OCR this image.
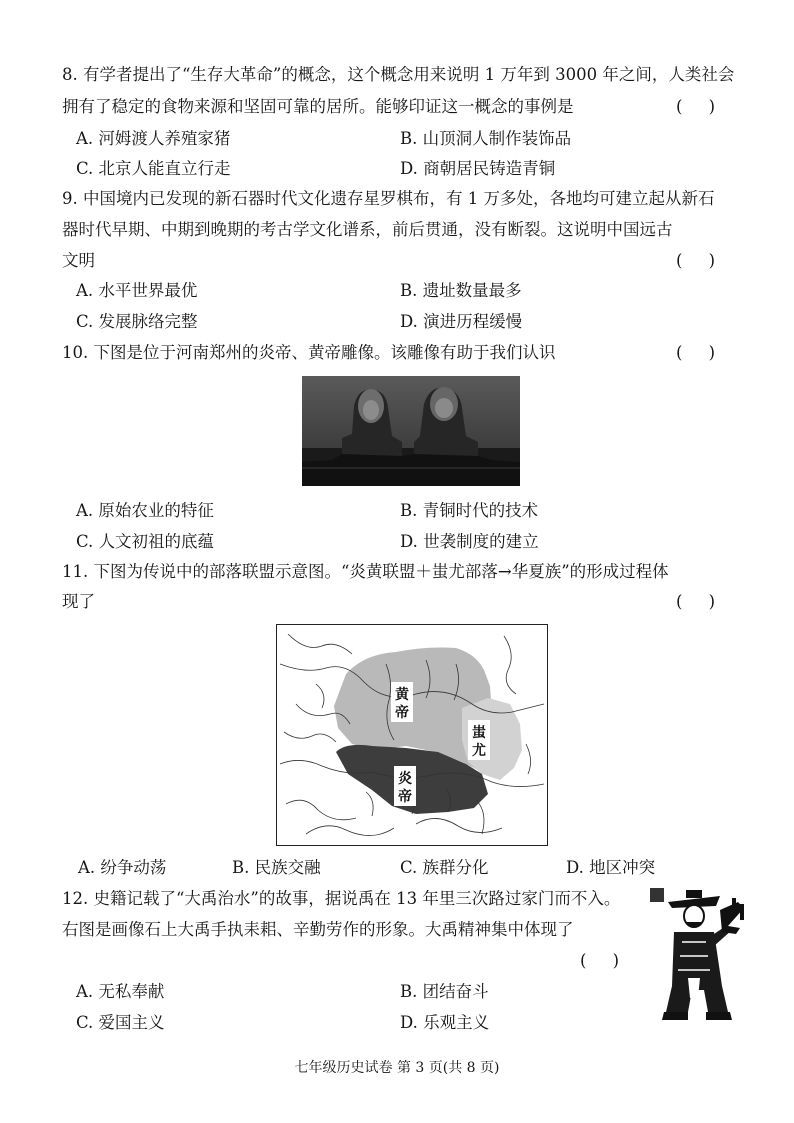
8. 有学者提出了“生存大革命”的概念，这个概念用来说明 1 万年到 3000 年之间，人类社会
拥有了稳定的食物来源和坚固可靠的居所。能够印证这一概念的事例是	(     )
A. 河姆渡人养殖家猪	B. 山顶洞人制作装饰品
C. 北京人能直立行走	D. 商朝居民铸造青铜
9. 中国境内已发现的新石器时代文化遗存星罗棋布，有 1 万多处，各地均可建立起从新石
器时代早期、中期到晚期的考古学文化谱系，前后贯通，没有断裂。这说明中国远古
文明	(     )
A. 水平世界最优	B. 遗址数量最多
C. 发展脉络完整	D. 演进历程缓慢
10. 下图是位于河南郑州的炎帝、黄帝雕像。该雕像有助于我们认识	(     )
A. 原始农业的特征	B. 青铜时代的技术
C. 人文初祖的底蕴	D. 世袭制度的建立
11. 下图为传说中的部落联盟示意图。“炎黄联盟＋蚩尤部落→华夏族”的形成过程体
现了	(     )
黄帝
蚩尤
炎帝
A. 纷争动荡	B. 民族交融	C. 族群分化	D. 地区冲突
12. 史籍记载了“大禹治水”的故事，据说禹在 13 年里三次路过家门而不入。
右图是画像石上大禹手执耒耜、辛勤劳作的形象。大禹精神集中体现了
(     )
A. 无私奉献	B. 团结奋斗
C. 爱国主义	D. 乐观主义
七年级历史试卷 第 3 页(共 8 页)
